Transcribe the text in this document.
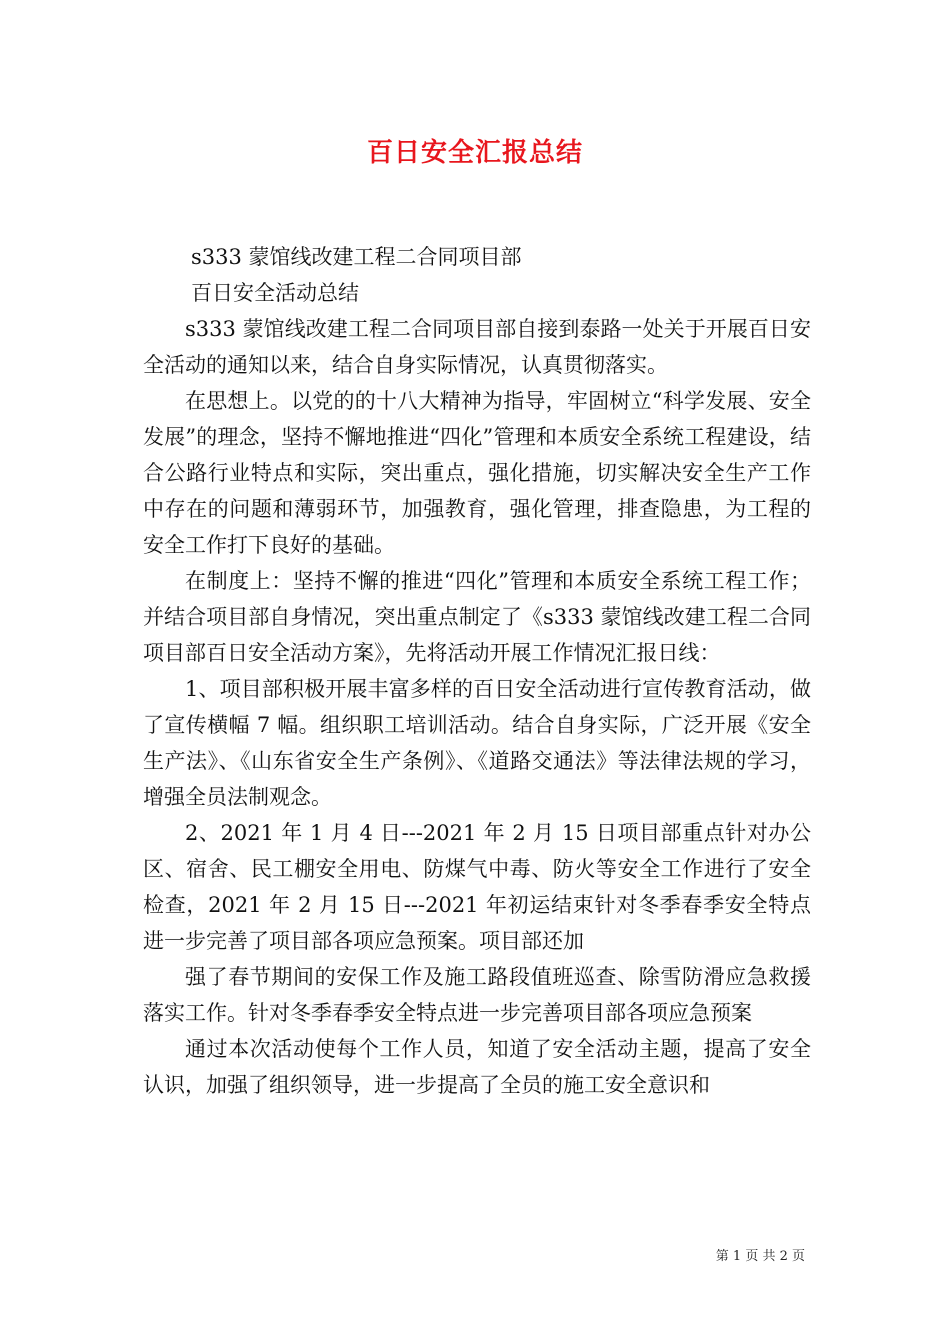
百日安全汇报总结

s333 蒙馆线改建工程二合同项目部

百日安全活动总结

s333 蒙馆线改建工程二合同项目部自接到泰路一处关于开展百日安全活动的通知以来，结合自身实际情况，认真贯彻落实。

在思想上。以党的的十八大精神为指导，牢固树立“科学发展、安全发展”的理念，坚持不懈地推进“四化”管理和本质安全系统工程建设，结合公路行业特点和实际，突出重点，强化措施，切实解决安全生产工作中存在的问题和薄弱环节，加强教育，强化管理，排查隐患，为工程的安全工作打下良好的基础。

在制度上：坚持不懈的推进“四化”管理和本质安全系统工程工作；并结合项目部自身情况，突出重点制定了《s333 蒙馆线改建工程二合同项目部百日安全活动方案》，先将活动开展工作情况汇报日线：

1、项目部积极开展丰富多样的百日安全活动进行宣传教育活动，做了宣传横幅 7 幅。组织职工培训活动。结合自身实际，广泛开展《安全生产法》、《山东省安全生产条例》、《道路交通法》等法律法规的学习，增强全员法制观念。

2、2021 年 1 月 4 日---2021 年 2 月 15 日项目部重点针对办公区、宿舍、民工棚安全用电、防煤气中毒、防火等安全工作进行了安全检查，2021 年 2 月 15 日---2021 年初运结束针对冬季春季安全特点进一步完善了项目部各项应急预案。项目部还加

强了春节期间的安保工作及施工路段值班巡查、除雪防滑应急救援落实工作。针对冬季春季安全特点进一步完善项目部各项应急预案

通过本次活动使每个工作人员，知道了安全活动主题，提高了安全认识，加强了组织领导，进一步提高了全员的施工安全意识和

第 1 页 共 2 页
